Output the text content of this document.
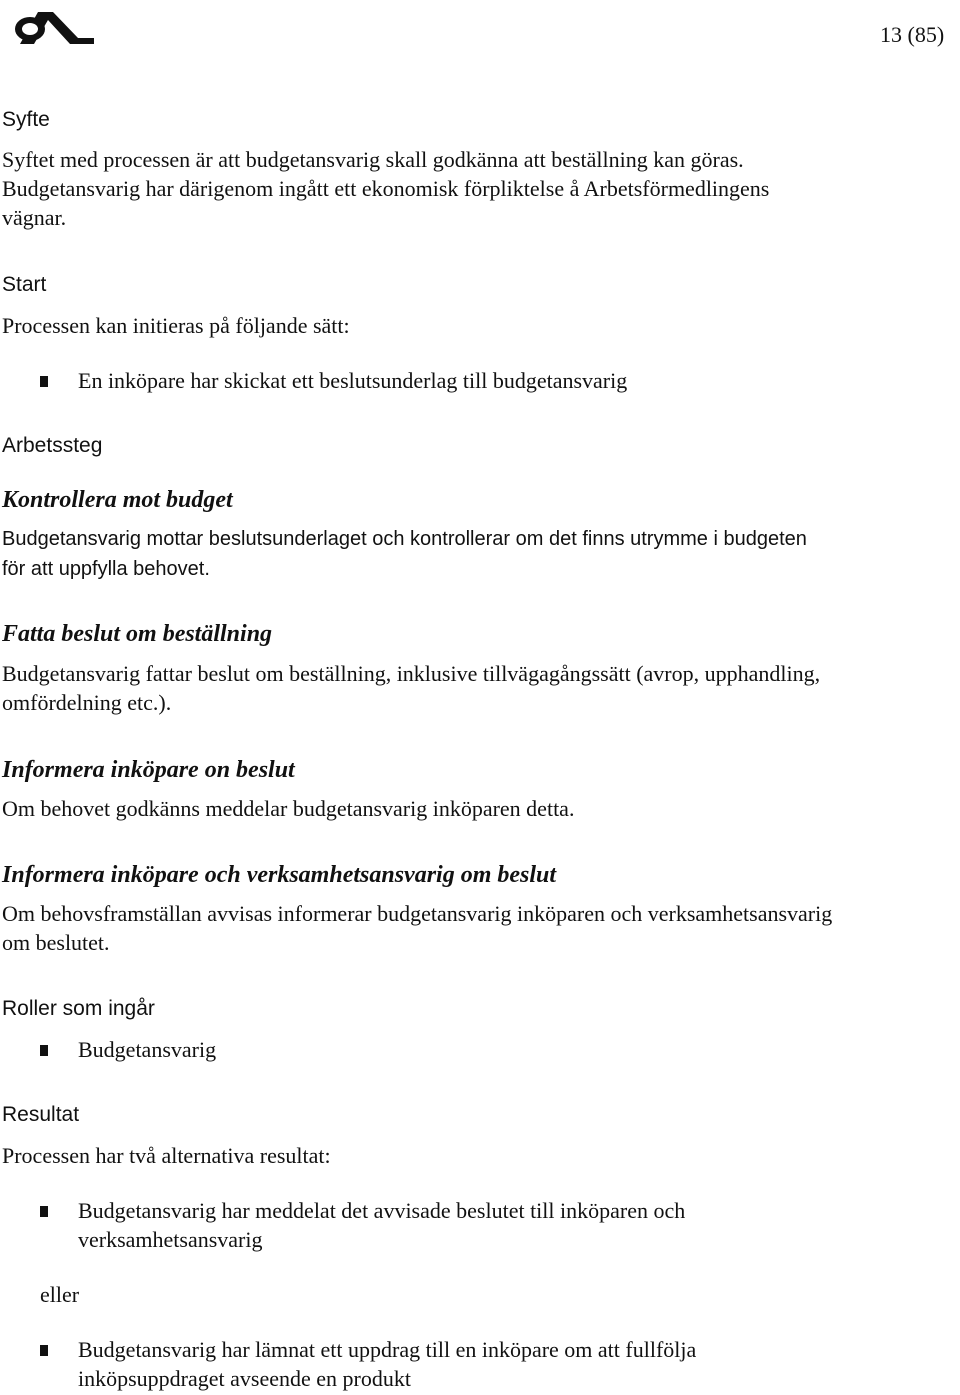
13 (85)
Syfte
Syftet med processen är att budgetansvarig skall godkänna att beställning kan göras.
Budgetansvarig har därigenom ingått ett ekonomisk förpliktelse å Arbetsförmedlingens
vägnar.
Start
Processen kan initieras på följande sätt:
En inköpare har skickat ett beslutsunderlag till budgetansvarig
Arbetssteg
Kontrollera mot budget
Budgetansvarig mottar beslutsunderlaget och kontrollerar om det finns utrymme i budgeten
för att uppfylla behovet.
Fatta beslut om beställning
Budgetansvarig fattar beslut om beställning, inklusive tillvägagångssätt (avrop, upphandling,
omfördelning etc.).
Informera inköpare on beslut
Om behovet godkänns meddelar budgetansvarig inköparen detta.
Informera inköpare och verksamhetsansvarig om beslut
Om behovsframställan avvisas informerar budgetansvarig inköparen och verksamhetsansvarig
om beslutet.
Roller som ingår
Budgetansvarig
Resultat
Processen har två alternativa resultat:
Budgetansvarig har meddelat det avvisade beslutet till inköparen och
verksamhetsansvarig
eller
Budgetansvarig har lämnat ett uppdrag till en inköpare om att fullfölja
inköpsuppdraget avseende en produkt
